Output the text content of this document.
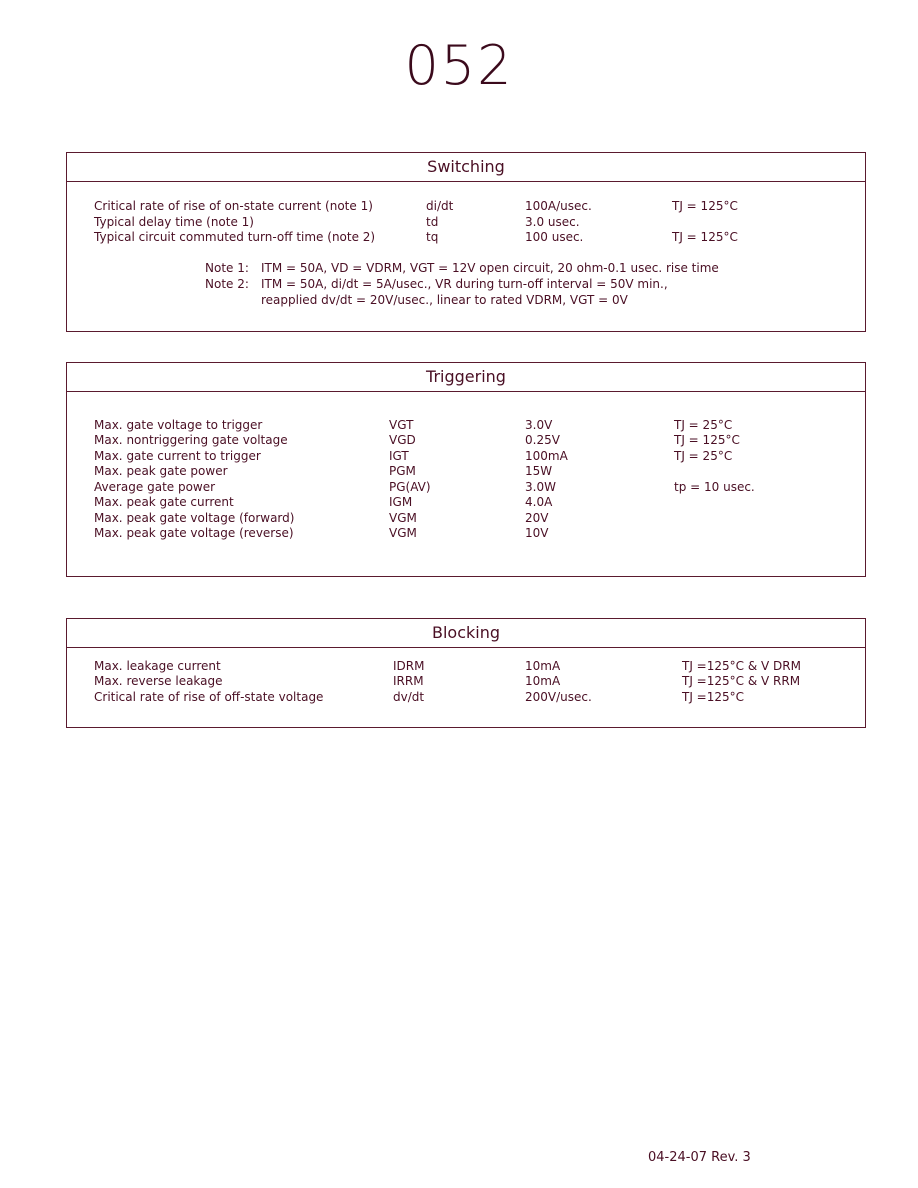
052
Switching
Critical rate of rise of on-state current (note 1)	di/dt	100A/usec.	TJ = 125°C
Typical delay time (note 1)	td	3.0 usec.
Typical circuit commuted turn-off time (note 2)	tq	100 usec.	TJ = 125°C
Note 1: ITM = 50A, VD = VDRM, VGT = 12V open circuit, 20 ohm-0.1 usec. rise time
Note 2: ITM = 50A, di/dt = 5A/usec., VR during turn-off interval = 50V min.,
reapplied dv/dt = 20V/usec., linear to rated VDRM, VGT = 0V
Triggering
Max. gate voltage to trigger	VGT	3.0V	TJ = 25°C
Max. nontriggering gate voltage	VGD	0.25V	TJ = 125°C
Max. gate current to trigger	IGT	100mA	TJ = 25°C
Max. peak gate power	PGM	15W
Average gate power	PG(AV)	3.0W	tp = 10 usec.
Max. peak gate current	IGM	4.0A
Max. peak gate voltage (forward)	VGM	20V
Max. peak gate voltage (reverse)	VGM	10V
Blocking
Max. leakage current	IDRM	10mA	TJ =125°C & V DRM
Max. reverse leakage	IRRM	10mA	TJ =125°C & V RRM
Critical rate of rise of off-state voltage	dv/dt	200V/usec.	TJ =125°C
04-24-07 Rev. 3
